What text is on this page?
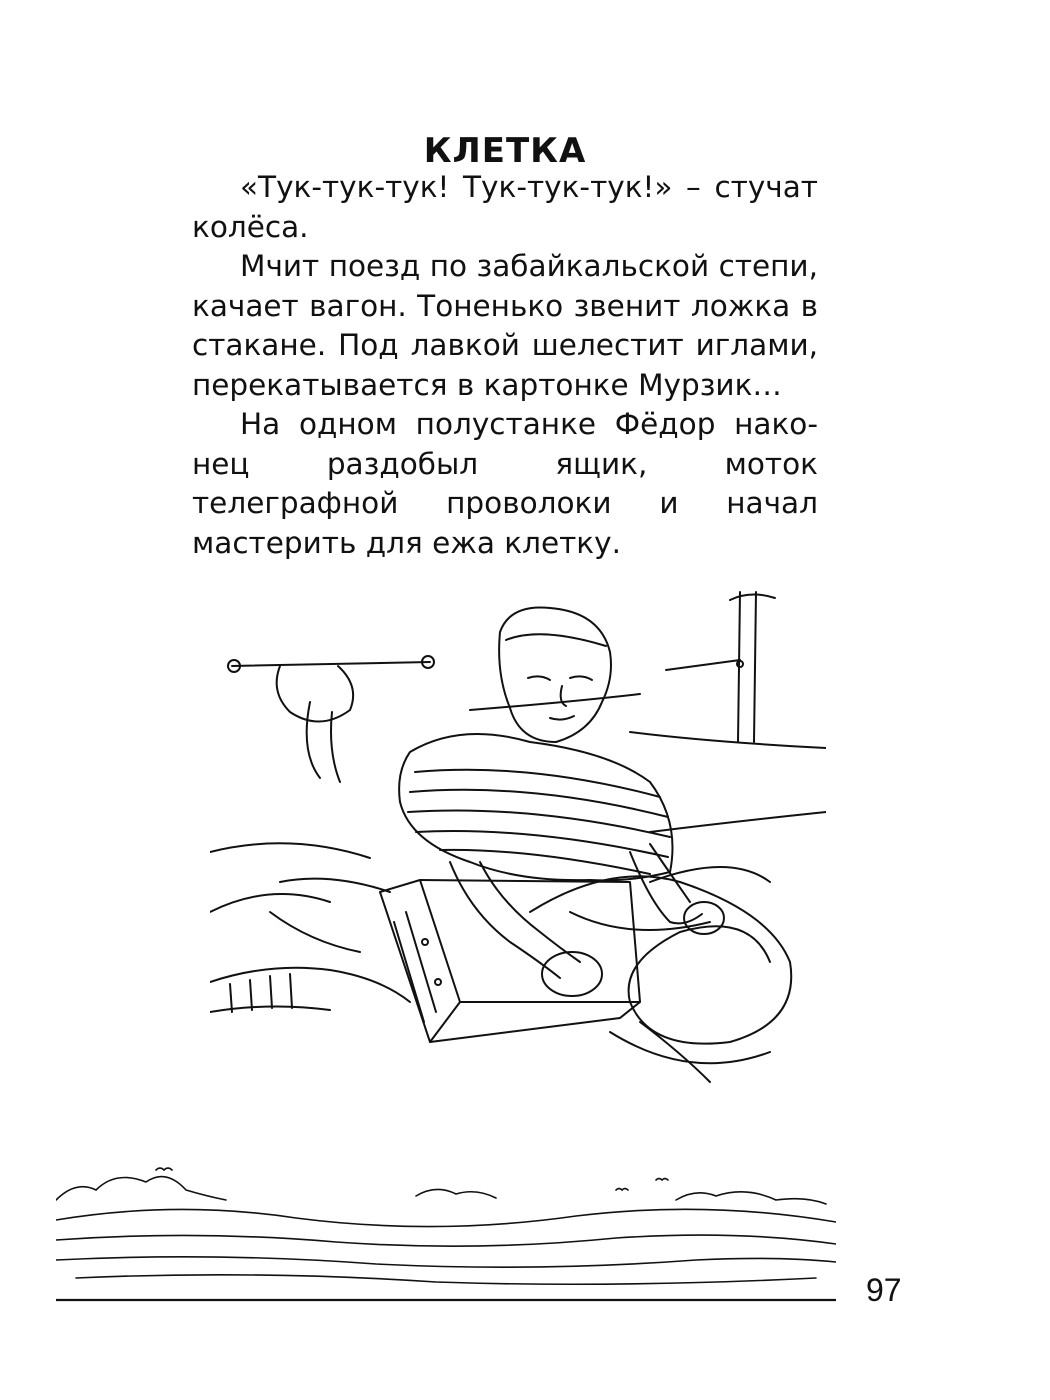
КЛЕТКА

«Тук-тук-тук! Тук-тук-тук!» – стучат колёса.

Мчит поезд по забайкальской степи, качает вагон. Тоненько звенит ложка в стакане. Под лавкой шелестит иглами, перекатывается в картонке Мурзик…

На одном полустанке Фёдор нако-нец раздобыл ящик, моток телеграфной проволоки и начал мастерить для ежа клетку.

97
